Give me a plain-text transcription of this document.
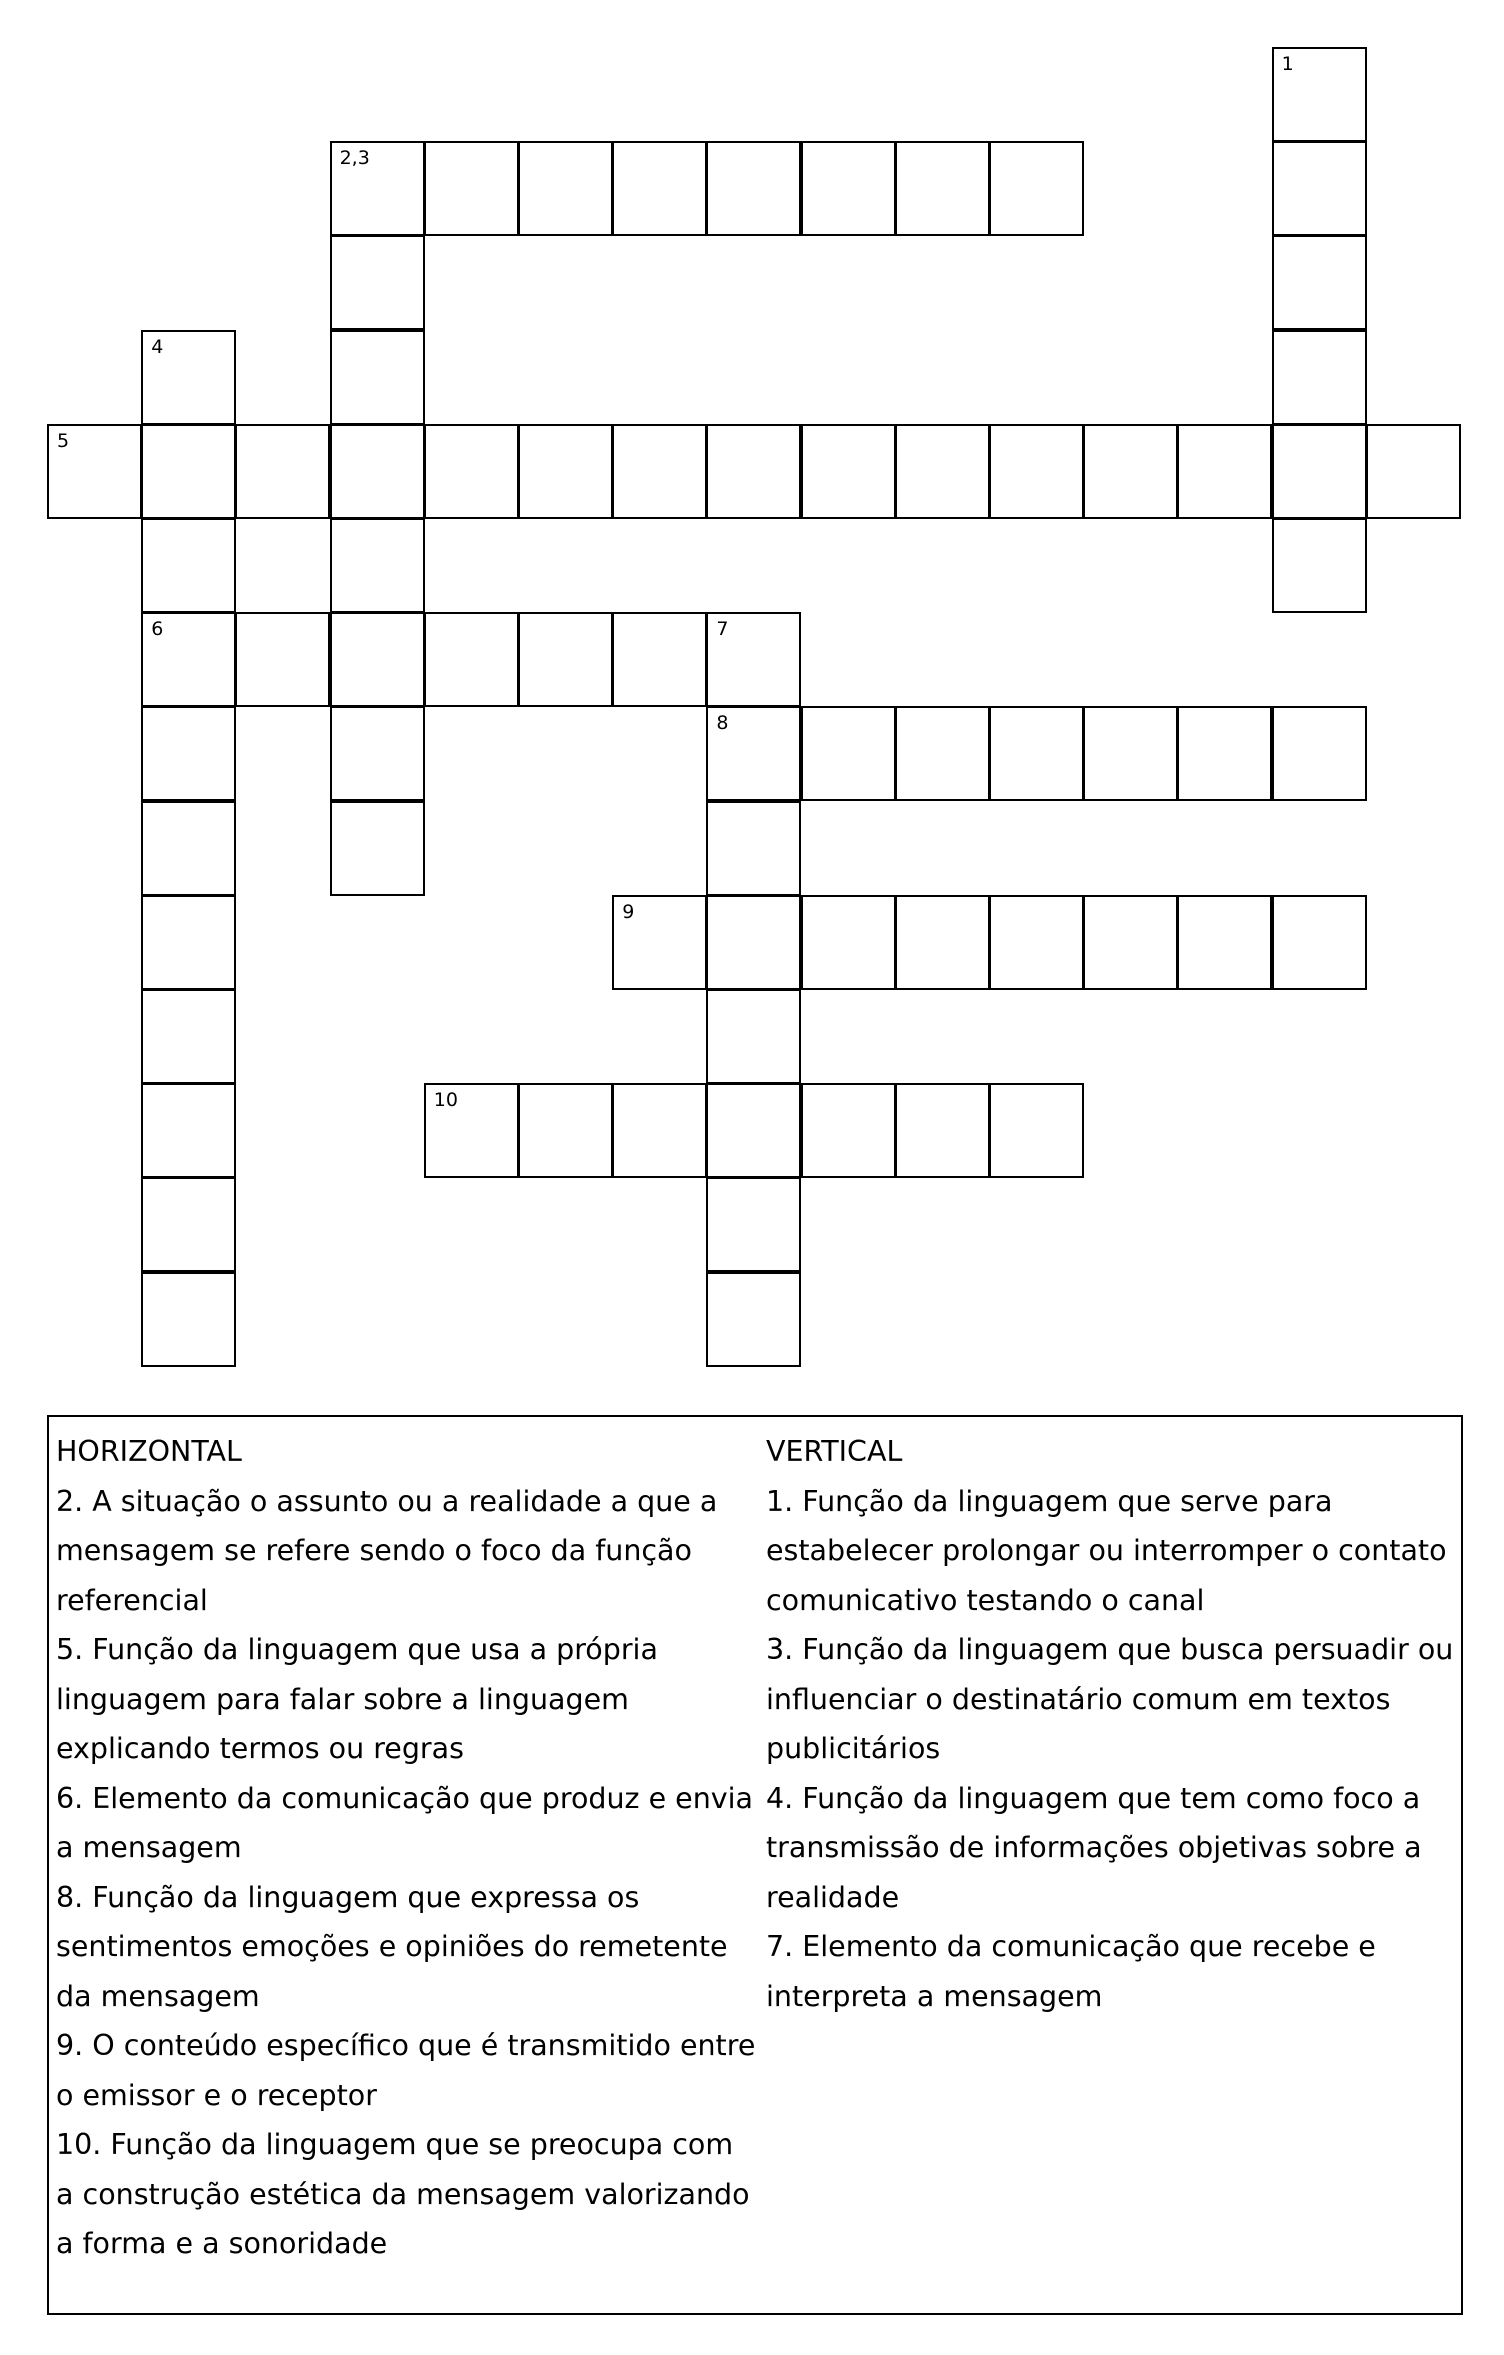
1
2,3
4
6
5
7
8
9
10
HORIZONTAL
2. A situação o assunto ou a realidade a que a mensagem se refere sendo o foco da função referencial
5. Função da linguagem que usa a própria linguagem para falar sobre a linguagem explicando termos ou regras
6. Elemento da comunicação que produz e envia a mensagem
8. Função da linguagem que expressa os sentimentos emoções e opiniões do remetente da mensagem
9. O conteúdo específico que é transmitido entre o emissor e o receptor
10. Função da linguagem que se preocupa com a construção estética da mensagem valorizando a forma e a sonoridade
VERTICAL
1. Função da linguagem que serve para estabelecer prolongar ou interromper o contato comunicativo testando o canal
3. Função da linguagem que busca persuadir ou influenciar o destinatário comum em textos publicitários
4. Função da linguagem que tem como foco a transmissão de informações objetivas sobre a realidade
7. Elemento da comunicação que recebe e interpreta a mensagem
